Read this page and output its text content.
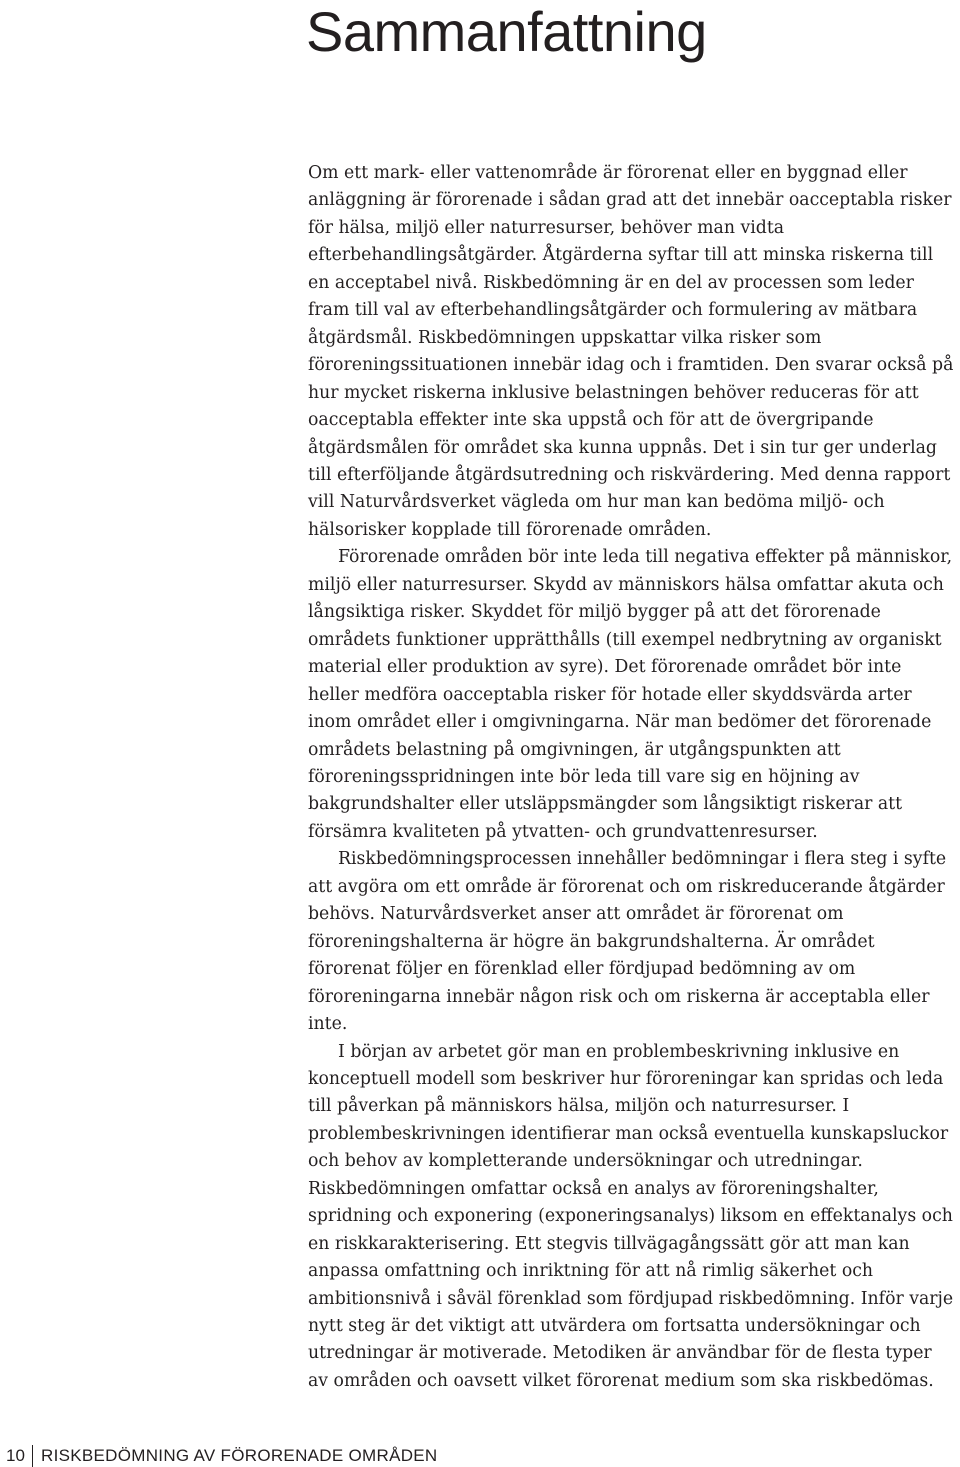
Sammanfattning

Om ett mark- eller vattenområde är förorenat eller en byggnad eller anläggning är förorenade i sådan grad att det innebär oacceptabla risker för hälsa, miljö eller naturresurser, behöver man vidta efterbehandlingsåtgärder. Åtgärderna syftar till att minska riskerna till en acceptabel nivå. Riskbedömning är en del av processen som leder fram till val av efterbehandlingsåtgärder och formulering av mätbara åtgärdsmål. Riskbedömningen uppskattar vilka risker som föroreningssituationen innebär idag och i framtiden. Den svarar också på hur mycket riskerna inklusive belastningen behöver reduceras för att oacceptabla effekter inte ska uppstå och för att de övergripande åtgärdsmålen för området ska kunna uppnås. Det i sin tur ger underlag till efterföljande åtgärdsutredning och riskvärdering. Med denna rapport vill Naturvårdsverket vägleda om hur man kan bedöma miljö- och hälsorisker kopplade till förorenade områden.

Förorenade områden bör inte leda till negativa effekter på människor, miljö eller naturresurser. Skydd av människors hälsa omfattar akuta och långsiktiga risker. Skyddet för miljö bygger på att det förorenade områdets funktioner upprätthålls (till exempel nedbrytning av organiskt material eller produktion av syre). Det förorenade området bör inte heller medföra oacceptabla risker för hotade eller skyddsvärda arter inom området eller i omgivningarna. När man bedömer det förorenade områdets belastning på omgivningen, är utgångspunkten att föroreningsspridningen inte bör leda till vare sig en höjning av bakgrundshalter eller utsläppsmängder som långsiktigt riskerar att försämra kvaliteten på ytvatten- och grundvattenresurser.

Riskbedömningsprocessen innehåller bedömningar i flera steg i syfte att avgöra om ett område är förorenat och om riskreducerande åtgärder behövs. Naturvårdsverket anser att området är förorenat om föroreningshalterna är högre än bakgrundshalterna. Är området förorenat följer en förenklad eller fördjupad bedömning av om föroreningarna innebär någon risk och om riskerna är acceptabla eller inte.

I början av arbetet gör man en problembeskrivning inklusive en konceptuell modell som beskriver hur föroreningar kan spridas och leda till påverkan på människors hälsa, miljön och naturresurser. I problembeskrivningen identifierar man också eventuella kunskapsluckor och behov av kompletterande undersökningar och utredningar. Riskbedömningen omfattar också en analys av föroreningshalter, spridning och exponering (exponeringsanalys) liksom en effektanalys och en riskkarakterisering. Ett stegvis tillvägagångssätt gör att man kan anpassa omfattning och inriktning för att nå rimlig säkerhet och ambitionsnivå i såväl förenklad som fördjupad riskbedömning. Inför varje nytt steg är det viktigt att utvärdera om fortsatta undersökningar och utredningar är motiverade. Metodiken är användbar för de flesta typer av områden och oavsett vilket förorenat medium som ska riskbedömas.

10 RISKBEDÖMNING AV FÖRORENADE OMRÅDEN
